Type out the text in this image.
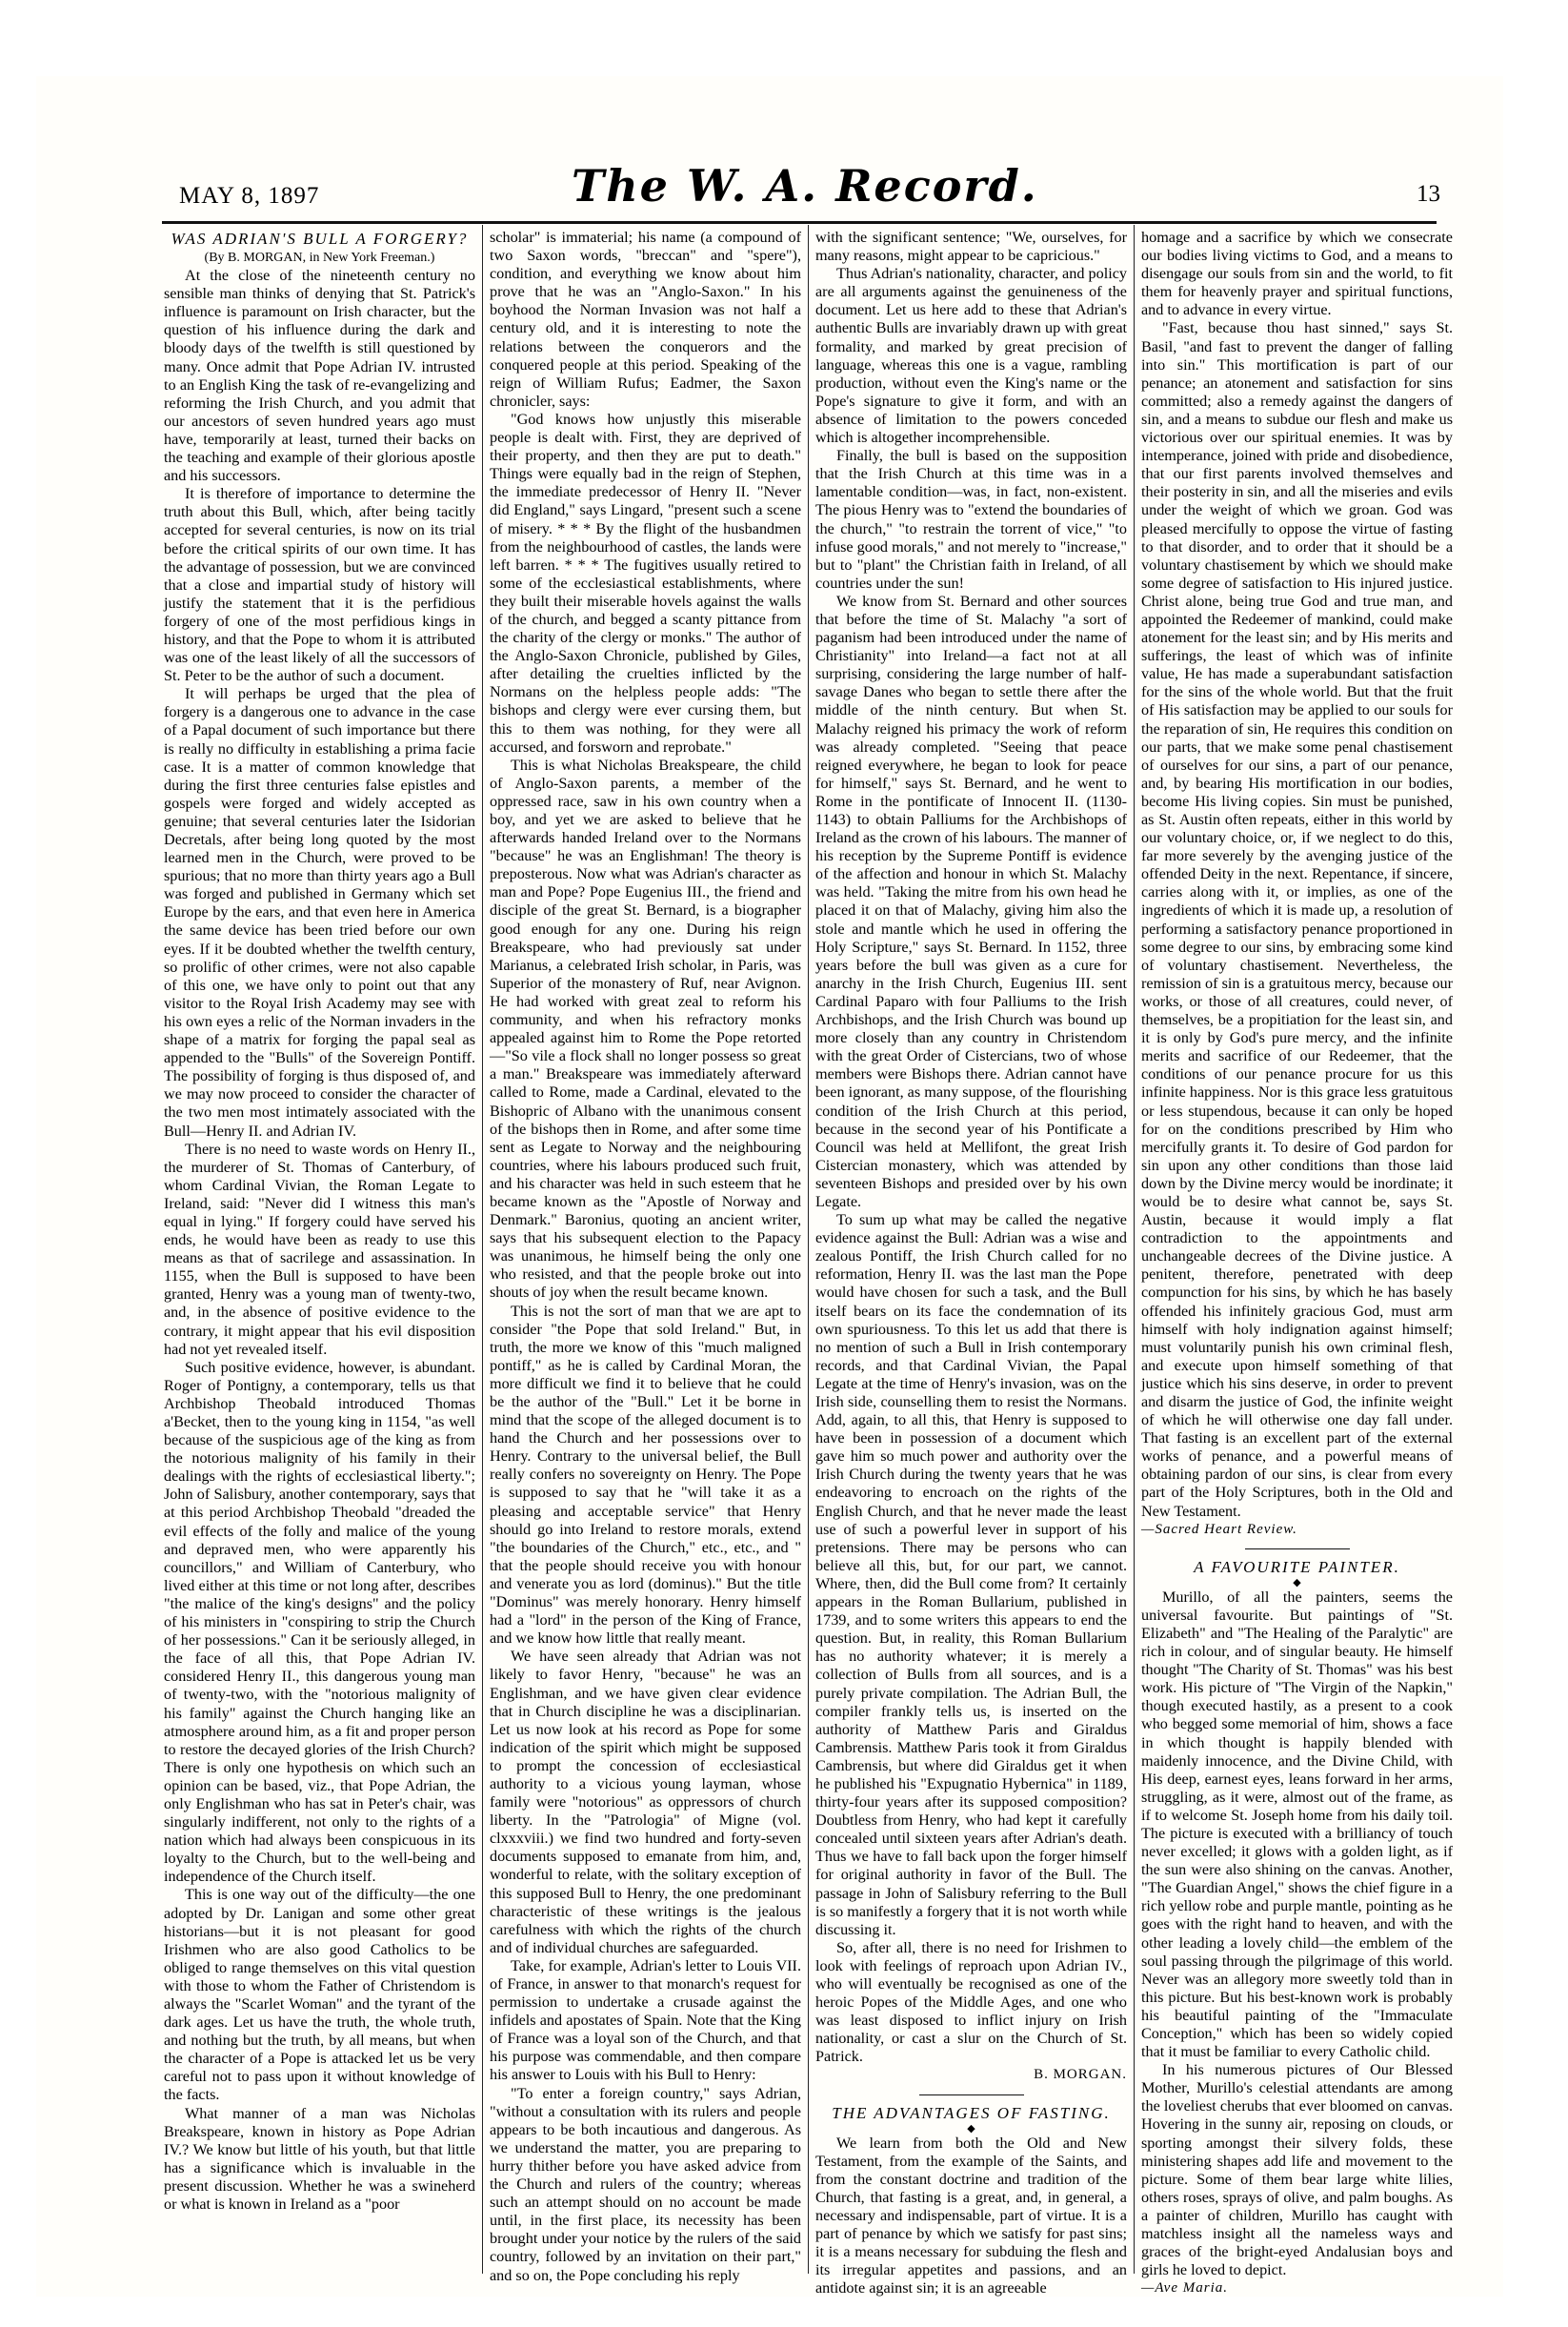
MAY 8, 1897	The W. A. Record.	13

WAS ADRIAN'S BULL A FORGERY?

(By B. MORGAN, in New York Freeman.)

At the close of the nineteenth century no sensible man thinks of denying that St. Patrick's influence is paramount on Irish character, but the question of his influence during the dark and bloody days of the twelfth is still questioned by many. Once admit that Pope Adrian IV. intrusted to an English King the task of re-evangelizing and reforming the Irish Church, and you admit that our ancestors of seven hundred years ago must have, temporarily at least, turned their backs on the teaching and example of their glorious apostle and his successors.

It is therefore of importance to determine the truth about this Bull, which, after being tacitly accepted for several centuries, is now on its trial before the critical spirits of our own time. It has the advantage of possession, but we are convinced that a close and impartial study of history will justify the statement that it is the perfidious forgery of one of the most perfidious kings in history, and that the Pope to whom it is attributed was one of the least likely of all the successors of St. Peter to be the author of such a document.

It will perhaps be urged that the plea of forgery is a dangerous one to advance in the case of a Papal document of such importance but there is really no difficulty in establishing a prima facie case. It is a matter of common knowledge that during the first three centuries false epistles and gospels were forged and widely accepted as genuine; that several centuries later the Isidorian Decretals, after being long quoted by the most learned men in the Church, were proved to be spurious; that no more than thirty years ago a Bull was forged and published in Germany which set Europe by the ears, and that even here in America the same device has been tried before our own eyes. If it be doubted whether the twelfth century, so prolific of other crimes, were not also capable of this one, we have only to point out that any visitor to the Royal Irish Academy may see with his own eyes a relic of the Norman invaders in the shape of a matrix for forging the papal seal as appended to the "Bulls" of the Sovereign Pontiff. The possibility of forging is thus disposed of, and we may now proceed to consider the character of the two men most intimately associated with the Bull—Henry II. and Adrian IV.

There is no need to waste words on Henry II., the murderer of St. Thomas of Canterbury, of whom Cardinal Vivian, the Roman Legate to Ireland, said: "Never did I witness this man's equal in lying." If forgery could have served his ends, he would have been as ready to use this means as that of sacrilege and assassination. In 1155, when the Bull is supposed to have been granted, Henry was a young man of twenty-two, and, in the absence of positive evidence to the contrary, it might appear that his evil disposition had not yet revealed itself.

Such positive evidence, however, is abundant. Roger of Pontigny, a contemporary, tells us that Archbishop Theobald introduced Thomas a'Becket, then to the young king in 1154, "as well because of the suspicious age of the king as from the notorious malignity of his family in their dealings with the rights of ecclesiastical liberty."; John of Salisbury, another contemporary, says that at this period Archbishop Theobald "dreaded the evil effects of the folly and malice of the young and depraved men, who were apparently his councillors," and William of Canterbury, who lived either at this time or not long after, describes "the malice of the king's designs" and the policy of his ministers in "conspiring to strip the Church of her possessions." Can it be seriously alleged, in the face of all this, that Pope Adrian IV. considered Henry II., this dangerous young man of twenty-two, with the "notorious malignity of his family" against the Church hanging like an atmosphere around him, as a fit and proper person to restore the decayed glories of the Irish Church? There is only one hypothesis on which such an opinion can be based, viz., that Pope Adrian, the only Englishman who has sat in Peter's chair, was singularly indifferent, not only to the rights of a nation which had always been conspicuous in its loyalty to the Church, but to the well-being and independence of the Church itself.

This is one way out of the difficulty—the one adopted by Dr. Lanigan and some other great historians—but it is not pleasant for good Irishmen who are also good Catholics to be obliged to range themselves on this vital question with those to whom the Father of Christendom is always the "Scarlet Woman" and the tyrant of the dark ages. Let us have the truth, the whole truth, and nothing but the truth, by all means, but when the character of a Pope is attacked let us be very careful not to pass upon it without knowledge of the facts.

What manner of a man was Nicholas Breakspeare, known in history as Pope Adrian IV.? We know but little of his youth, but that little has a significance which is invaluable in the present discussion. Whether he was a swineherd or what is known in Ireland as a "poor

scholar" is immaterial; his name (a compound of two Saxon words, "breccan" and "spere"), condition, and everything we know about him prove that he was an "Anglo-Saxon." In his boyhood the Norman Invasion was not half a century old, and it is interesting to note the relations between the conquerors and the conquered people at this period. Speaking of the reign of William Rufus; Eadmer, the Saxon chronicler, says:

"God knows how unjustly this miserable people is dealt with. First, they are deprived of their property, and then they are put to death." Things were equally bad in the reign of Stephen, the immediate predecessor of Henry II. "Never did England," says Lingard, "present such a scene of misery. * * * By the flight of the husbandmen from the neighbourhood of castles, the lands were left barren. * * * The fugitives usually retired to some of the ecclesiastical establishments, where they built their miserable hovels against the walls of the church, and begged a scanty pittance from the charity of the clergy or monks." The author of the Anglo-Saxon Chronicle, published by Giles, after detailing the cruelties inflicted by the Normans on the helpless people adds: "The bishops and clergy were ever cursing them, but this to them was nothing, for they were all accursed, and forsworn and reprobate."

This is what Nicholas Breakspeare, the child of Anglo-Saxon parents, a member of the oppressed race, saw in his own country when a boy, and yet we are asked to believe that he afterwards handed Ireland over to the Normans "because" he was an Englishman! The theory is preposterous. Now what was Adrian's character as man and Pope? Pope Eugenius III., the friend and disciple of the great St. Bernard, is a biographer good enough for any one. During his reign Breakspeare, who had previously sat under Marianus, a celebrated Irish scholar, in Paris, was Superior of the monastery of Ruf, near Avignon. He had worked with great zeal to reform his community, and when his refractory monks appealed against him to Rome the Pope retorted—"So vile a flock shall no longer possess so great a man." Breakspeare was immediately afterward called to Rome, made a Cardinal, elevated to the Bishopric of Albano with the unanimous consent of the bishops then in Rome, and after some time sent as Legate to Norway and the neighbouring countries, where his labours produced such fruit, and his character was held in such esteem that he became known as the "Apostle of Norway and Denmark." Baronius, quoting an ancient writer, says that his subsequent election to the Papacy was unanimous, he himself being the only one who resisted, and that the people broke out into shouts of joy when the result became known.

This is not the sort of man that we are apt to consider "the Pope that sold Ireland." But, in truth, the more we know of this "much maligned pontiff," as he is called by Cardinal Moran, the more difficult we find it to believe that he could be the author of the "Bull." Let it be borne in mind that the scope of the alleged document is to hand the Church and her possessions over to Henry. Contrary to the universal belief, the Bull really confers no sovereignty on Henry. The Pope is supposed to say that he "will take it as a pleasing and acceptable service" that Henry should go into Ireland to restore morals, extend "the boundaries of the Church," etc., etc., and " that the people should receive you with honour and venerate you as lord (dominus)." But the title "Dominus" was merely honorary. Henry himself had a "lord" in the person of the King of France, and we know how little that really meant.

We have seen already that Adrian was not likely to favor Henry, "because" he was an Englishman, and we have given clear evidence that in Church discipline he was a disciplinarian. Let us now look at his record as Pope for some indication of the spirit which might be supposed to prompt the concession of ecclesiastical authority to a vicious young layman, whose family were "notorious" as oppressors of church liberty. In the "Patrologia" of Migne (vol. clxxxviii.) we find two hundred and forty-seven documents supposed to emanate from him, and, wonderful to relate, with the solitary exception of this supposed Bull to Henry, the one predominant characteristic of these writings is the jealous carefulness with which the rights of the church and of individual churches are safeguarded.

Take, for example, Adrian's letter to Louis VII. of France, in answer to that monarch's request for permission to undertake a crusade against the infidels and apostates of Spain. Note that the King of France was a loyal son of the Church, and that his purpose was commendable, and then compare his answer to Louis with his Bull to Henry:

"To enter a foreign country," says Adrian, "without a consultation with its rulers and people appears to be both incautious and dangerous. As we understand the matter, you are preparing to hurry thither before you have asked advice from the Church and rulers of the country; whereas such an attempt should on no account be made until, in the first place, its necessity has been brought under your notice by the rulers of the said country, followed by an invitation on their part," and so on, the Pope concluding his reply

with the significant sentence; "We, ourselves, for many reasons, might appear to be capricious."

Thus Adrian's nationality, character, and policy are all arguments against the genuineness of the document. Let us here add to these that Adrian's authentic Bulls are invariably drawn up with great formality, and marked by great precision of language, whereas this one is a vague, rambling production, without even the King's name or the Pope's signature to give it form, and with an absence of limitation to the powers conceded which is altogether incomprehensible.

Finally, the bull is based on the supposition that the Irish Church at this time was in a lamentable condition—was, in fact, non-existent. The pious Henry was to "extend the boundaries of the church," "to restrain the torrent of vice," "to infuse good morals," and not merely to "increase," but to "plant" the Christian faith in Ireland, of all countries under the sun!

We know from St. Bernard and other sources that before the time of St. Malachy "a sort of paganism had been introduced under the name of Christianity" into Ireland—a fact not at all surprising, considering the large number of half-savage Danes who began to settle there after the middle of the ninth century. But when St. Malachy reigned his primacy the work of reform was already completed. "Seeing that peace reigned everywhere, he began to look for peace for himself," says St. Bernard, and he went to Rome in the pontificate of Innocent II. (1130-1143) to obtain Palliums for the Archbishops of Ireland as the crown of his labours. The manner of his reception by the Supreme Pontiff is evidence of the affection and honour in which St. Malachy was held. "Taking the mitre from his own head he placed it on that of Malachy, giving him also the stole and mantle which he used in offering the Holy Scripture," says St. Bernard. In 1152, three years before the bull was given as a cure for anarchy in the Irish Church, Eugenius III. sent Cardinal Paparo with four Palliums to the Irish Archbishops, and the Irish Church was bound up more closely than any country in Christendom with the great Order of Cistercians, two of whose members were Bishops there. Adrian cannot have been ignorant, as many suppose, of the flourishing condition of the Irish Church at this period, because in the second year of his Pontificate a Council was held at Mellifont, the great Irish Cistercian monastery, which was attended by seventeen Bishops and presided over by his own Legate.

To sum up what may be called the negative evidence against the Bull: Adrian was a wise and zealous Pontiff, the Irish Church called for no reformation, Henry II. was the last man the Pope would have chosen for such a task, and the Bull itself bears on its face the condemnation of its own spuriousness. To this let us add that there is no mention of such a Bull in Irish contemporary records, and that Cardinal Vivian, the Papal Legate at the time of Henry's invasion, was on the Irish side, counselling them to resist the Normans. Add, again, to all this, that Henry is supposed to have been in possession of a document which gave him so much power and authority over the Irish Church during the twenty years that he was endeavoring to encroach on the rights of the English Church, and that he never made the least use of such a powerful lever in support of his pretensions. There may be persons who can believe all this, but, for our part, we cannot. Where, then, did the Bull come from? It certainly appears in the Roman Bullarium, published in 1739, and to some writers this appears to end the question. But, in reality, this Roman Bullarium has no authority whatever; it is merely a collection of Bulls from all sources, and is a purely private compilation. The Adrian Bull, the compiler frankly tells us, is inserted on the authority of Matthew Paris and Giraldus Cambrensis. Matthew Paris took it from Giraldus Cambrensis, but where did Giraldus get it when he published his "Expugnatio Hybernica" in 1189, thirty-four years after its supposed composition? Doubtless from Henry, who had kept it carefully concealed until sixteen years after Adrian's death. Thus we have to fall back upon the forger himself for original authority in favor of the Bull. The passage in John of Salisbury referring to the Bull is so manifestly a forgery that it is not worth while discussing it.

So, after all, there is no need for Irishmen to look with feelings of reproach upon Adrian IV., who will eventually be recognised as one of the heroic Popes of the Middle Ages, and one who was least disposed to inflict injury on Irish nationality, or cast a slur on the Church of St. Patrick.

B. MORGAN.

THE ADVANTAGES OF FASTING.

◆

We learn from both the Old and New Testament, from the example of the Saints, and from the constant doctrine and tradition of the Church, that fasting is a great, and, in general, a necessary and indispensable, part of virtue. It is a part of penance by which we satisfy for past sins; it is a means necessary for subduing the flesh and its irregular appetites and passions, and an antidote against sin; it is an agreeable

homage and a sacrifice by which we consecrate our bodies living victims to God, and a means to disengage our souls from sin and the world, to fit them for heavenly prayer and spiritual functions, and to advance in every virtue.

"Fast, because thou hast sinned," says St. Basil, "and fast to prevent the danger of falling into sin." This mortification is part of our penance; an atonement and satisfaction for sins committed; also a remedy against the dangers of sin, and a means to subdue our flesh and make us victorious over our spiritual enemies. It was by intemperance, joined with pride and disobedience, that our first parents involved themselves and their posterity in sin, and all the miseries and evils under the weight of which we groan. God was pleased mercifully to oppose the virtue of fasting to that disorder, and to order that it should be a voluntary chastisement by which we should make some degree of satisfaction to His injured justice. Christ alone, being true God and true man, and appointed the Redeemer of mankind, could make atonement for the least sin; and by His merits and sufferings, the least of which was of infinite value, He has made a superabundant satisfaction for the sins of the whole world. But that the fruit of His satisfaction may be applied to our souls for the reparation of sin, He requires this condition on our parts, that we make some penal chastisement of ourselves for our sins, a part of our penance, and, by bearing His mortification in our bodies, become His living copies. Sin must be punished, as St. Austin often repeats, either in this world by our voluntary choice, or, if we neglect to do this, far more severely by the avenging justice of the offended Deity in the next. Repentance, if sincere, carries along with it, or implies, as one of the ingredients of which it is made up, a resolution of performing a satisfactory penance proportioned in some degree to our sins, by embracing some kind of voluntary chastisement. Nevertheless, the remission of sin is a gratuitous mercy, because our works, or those of all creatures, could never, of themselves, be a propitiation for the least sin, and it is only by God's pure mercy, and the infinite merits and sacrifice of our Redeemer, that the conditions of our penance procure for us this infinite happiness. Nor is this grace less gratuitous or less stupendous, because it can only be hoped for on the conditions prescribed by Him who mercifully grants it. To desire of God pardon for sin upon any other conditions than those laid down by the Divine mercy would be inordinate; it would be to desire what cannot be, says St. Austin, because it would imply a flat contradiction to the appointments and unchangeable decrees of the Divine justice. A penitent, therefore, penetrated with deep compunction for his sins, by which he has basely offended his infinitely gracious God, must arm himself with holy indignation against himself; must voluntarily punish his own criminal flesh, and execute upon himself something of that justice which his sins deserve, in order to prevent and disarm the justice of God, the infinite weight of which he will otherwise one day fall under. That fasting is an excellent part of the external works of penance, and a powerful means of obtaining pardon of our sins, is clear from every part of the Holy Scriptures, both in the Old and New Testament.

—Sacred Heart Review.

A FAVOURITE PAINTER.

◆

Murillo, of all the painters, seems the universal favourite. But paintings of "St. Elizabeth" and "The Healing of the Paralytic" are rich in colour, and of singular beauty. He himself thought "The Charity of St. Thomas" was his best work. His picture of "The Virgin of the Napkin," though executed hastily, as a present to a cook who begged some memorial of him, shows a face in which thought is happily blended with maidenly innocence, and the Divine Child, with His deep, earnest eyes, leans forward in her arms, struggling, as it were, almost out of the frame, as if to welcome St. Joseph home from his daily toil. The picture is executed with a brilliancy of touch never excelled; it glows with a golden light, as if the sun were also shining on the canvas. Another, "The Guardian Angel," shows the chief figure in a rich yellow robe and purple mantle, pointing as he goes with the right hand to heaven, and with the other leading a lovely child—the emblem of the soul passing through the pilgrimage of this world. Never was an allegory more sweetly told than in this picture. But his best-known work is probably his beautiful painting of the "Immaculate Conception," which has been so widely copied that it must be familiar to every Catholic child.

In his numerous pictures of Our Blessed Mother, Murillo's celestial attendants are among the loveliest cherubs that ever bloomed on canvas. Hovering in the sunny air, reposing on clouds, or sporting amongst their silvery folds, these ministering shapes add life and movement to the picture. Some of them bear large white lilies, others roses, sprays of olive, and palm boughs. As a painter of children, Murillo has caught with matchless insight all the nameless ways and graces of the bright-eyed Andalusian boys and girls he loved to depict.

—Ave Maria.
